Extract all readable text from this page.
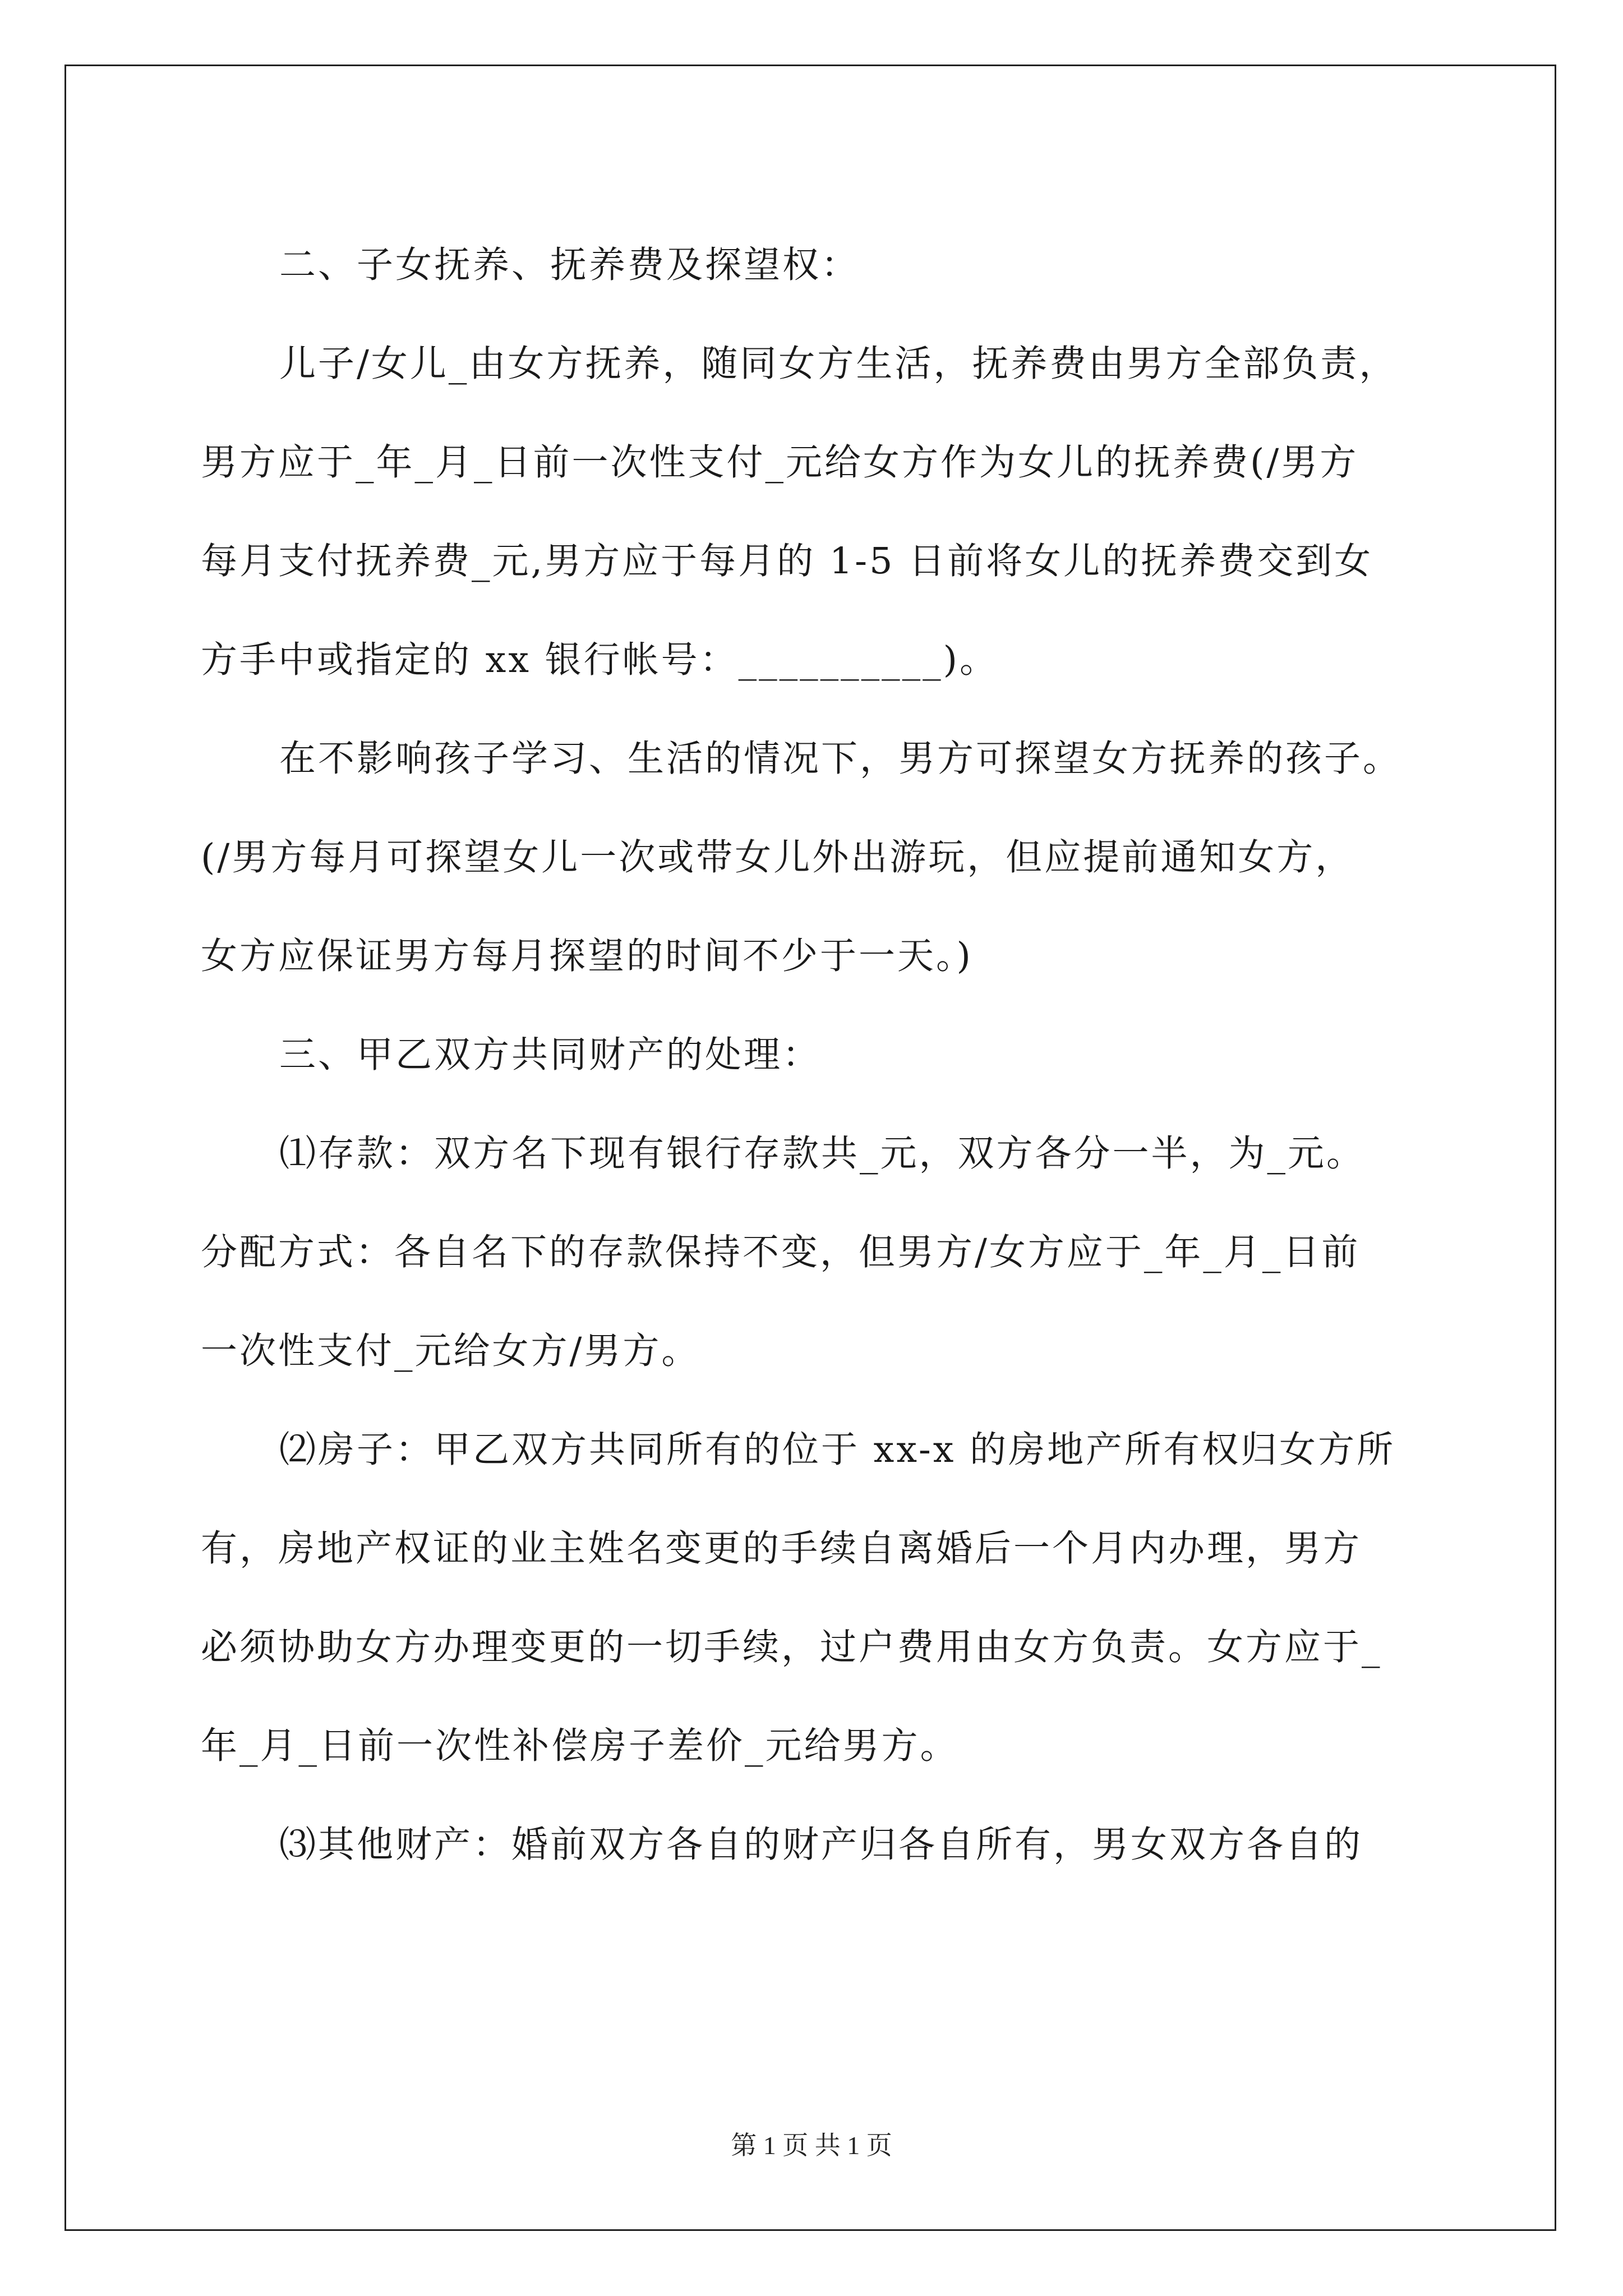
二、子女抚养、抚养费及探望权：

儿子/女儿_由女方抚养，随同女方生活，抚养费由男方全部负责，
男方应于_年_月_日前一次性支付_元给女方作为女儿的抚养费(/男方
每月支付抚养费_元,男方应于每月的 1-5 日前将女儿的抚养费交到女
方手中或指定的 xx 银行帐号：__________)。

在不影响孩子学习、生活的情况下，男方可探望女方抚养的孩子。
(/男方每月可探望女儿一次或带女儿外出游玩，但应提前通知女方，
女方应保证男方每月探望的时间不少于一天。)

三、甲乙双方共同财产的处理：

⑴存款：双方名下现有银行存款共_元，双方各分一半，为_元。
分配方式：各自名下的存款保持不变，但男方/女方应于_年_月_日前
一次性支付_元给女方/男方。

⑵房子：甲乙双方共同所有的位于 xx-x 的房地产所有权归女方所
有，房地产权证的业主姓名变更的手续自离婚后一个月内办理，男方
必须协助女方办理变更的一切手续，过户费用由女方负责。女方应于_
年_月_日前一次性补偿房子差价_元给男方。

⑶其他财产：婚前双方各自的财产归各自所有，男女双方各自的

第 1 页 共 1 页
